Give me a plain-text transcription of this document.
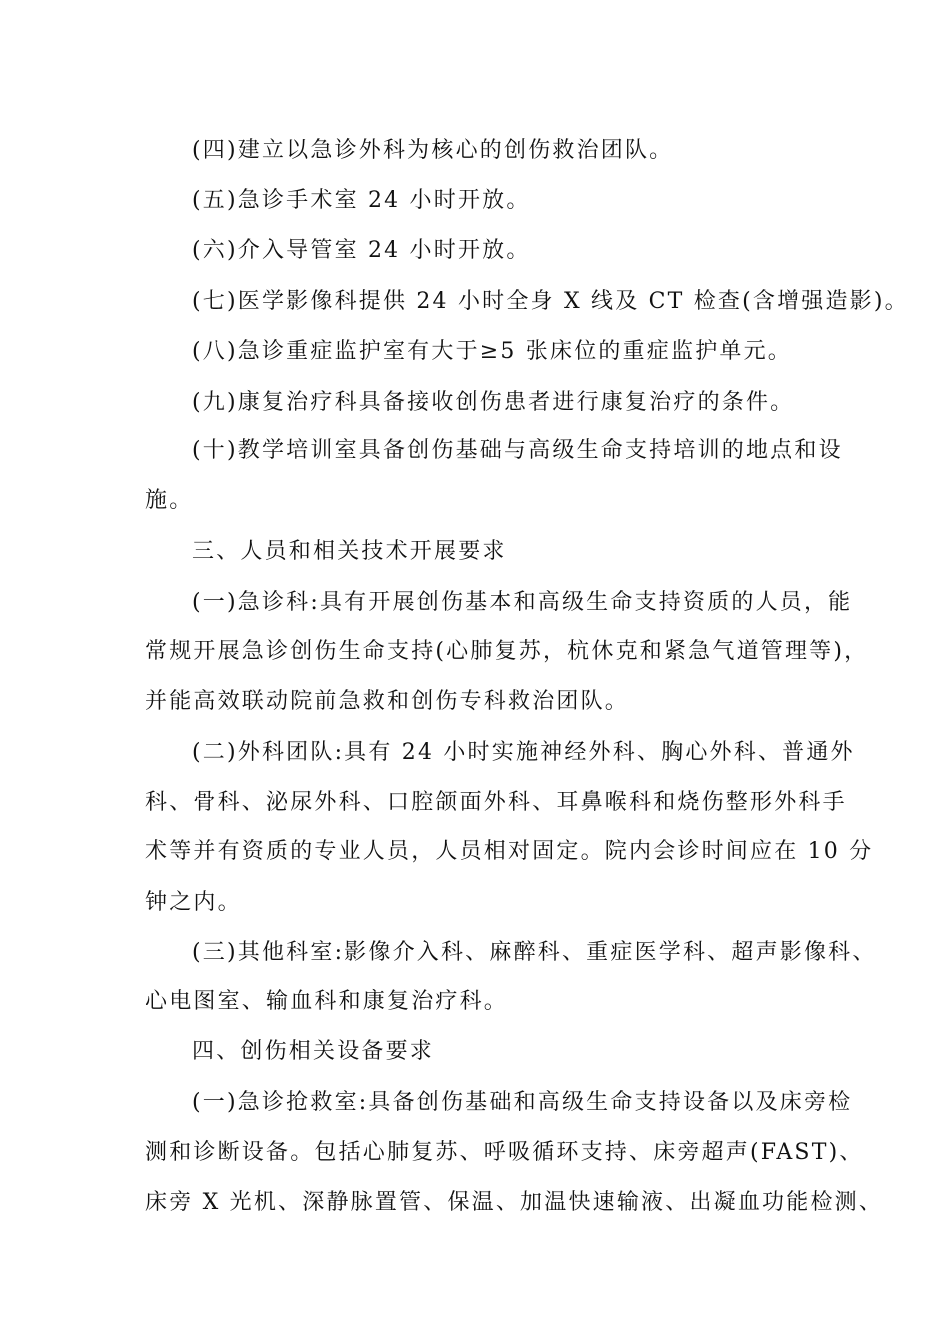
(四)建立以急诊外科为核心的创伤救治团队。
(五)急诊手术室 24 小时开放。
(六)介入导管室 24 小时开放。
(七)医学影像科提供 24 小时全身 X 线及 CT 检查(含增强造影)。
(八)急诊重症监护室有大于≥5 张床位的重症监护单元。
(九)康复治疗科具备接收创伤患者进行康复治疗的条件。
(十)教学培训室具备创伤基础与高级生命支持培训的地点和设
施。
三、人员和相关技术开展要求
(一)急诊科:具有开展创伤基本和高级生命支持资质的人员，能
常规开展急诊创伤生命支持(心肺复苏，杭休克和紧急气道管理等)，
并能高效联动院前急救和创伤专科救治团队。
(二)外科团队:具有 24 小时实施神经外科、胸心外科、普通外
科、骨科、泌尿外科、口腔颌面外科、耳鼻喉科和烧伤整形外科手
术等并有资质的专业人员，人员相对固定。院内会诊时间应在 10 分
钟之内。
(三)其他科室:影像介入科、麻醉科、重症医学科、超声影像科、
心电图室、输血科和康复治疗科。
四、创伤相关设备要求
(一)急诊抢救室:具备创伤基础和高级生命支持设备以及床旁检
测和诊断设备。包括心肺复苏、呼吸循环支持、床旁超声(FAST)、
床旁 X 光机、深静脉置管、保温、加温快速输液、出凝血功能检测、
